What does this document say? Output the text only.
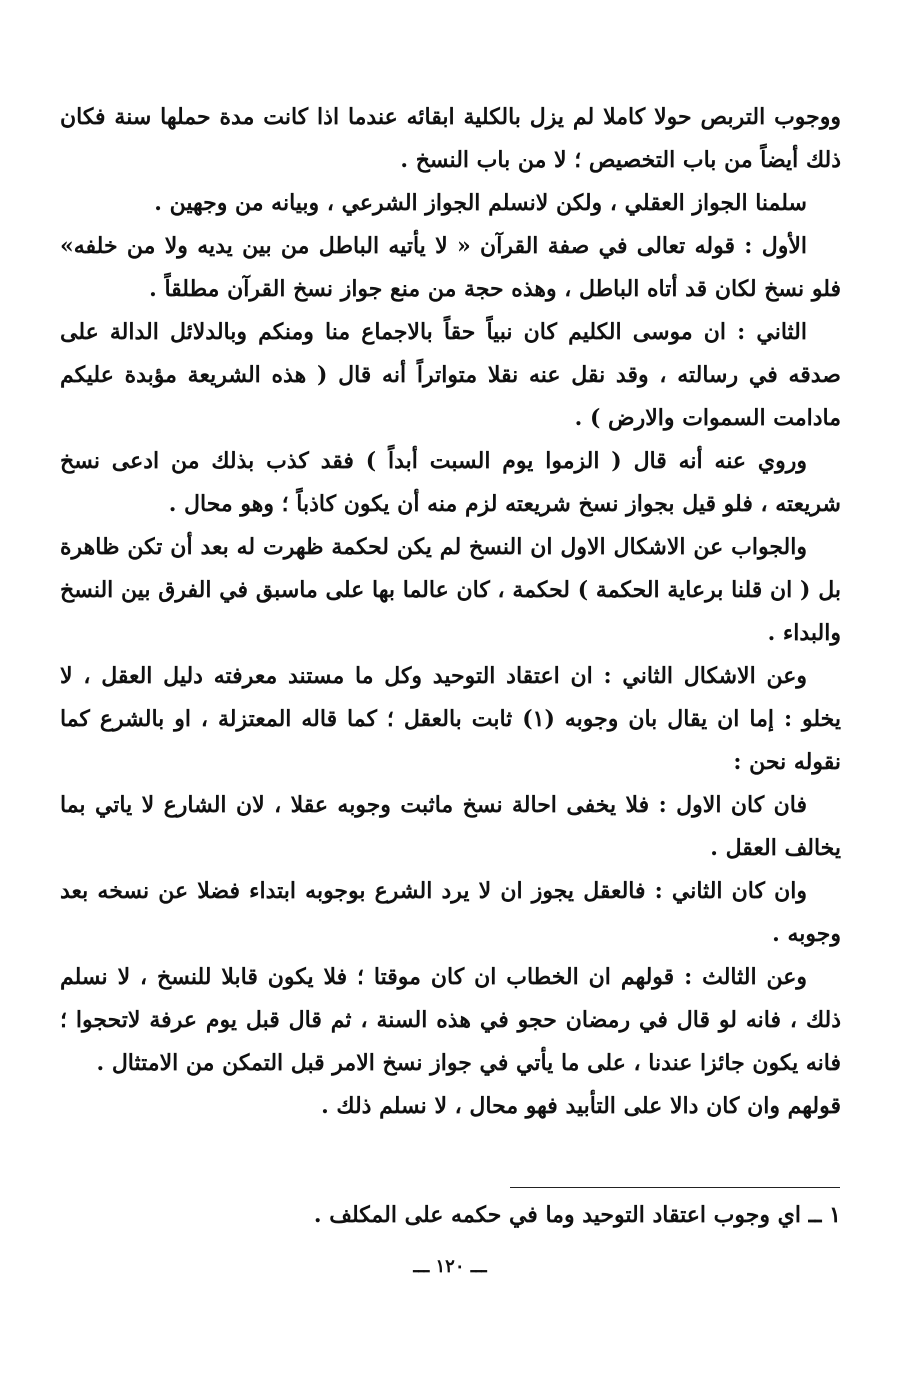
ووجوب التربص حولا كاملا لم يزل بالكلية ابقائه عندما اذا كانت مدة حملها سنة فكان ذلك أيضاً من باب التخصيص ؛ لا من باب النسخ .

سلمنا الجواز العقلي ، ولكن لانسلم الجواز الشرعي ، وبيانه من وجهين .

الأول : قوله تعالى في صفة القرآن « لا يأتيه الباطل من بين يديه ولا من خلفه» فلو نسخ لكان قد أتاه الباطل ، وهذه حجة من منع جواز نسخ القرآن مطلقاً .

الثاني : ان موسى الكليم كان نبياً حقاً بالاجماع منا ومنكم وبالدلائل الدالة على صدقه في رسالته ، وقد نقل عنه نقلا متواتراً أنه قال ( هذه الشريعة مؤبدة عليكم مادامت السموات والارض ) .

وروي عنه أنه قال ( الزموا يوم السبت أبداً ) فقد كذب بذلك من ادعى نسخ شريعته ، فلو قيل بجواز نسخ شريعته لزم منه أن يكون كاذباً ؛ وهو محال .

والجواب عن الاشكال الاول ان النسخ لم يكن لحكمة ظهرت له بعد أن تكن ظاهرة بل ( ان قلنا برعاية الحكمة ) لحكمة ، كان عالما بها على ماسبق في الفرق بين النسخ والبداء .

وعن الاشكال الثاني : ان اعتقاد التوحيد وكل ما مستند معرفته دليل العقل ، لا يخلو : إما ان يقال بان وجوبه (١) ثابت بالعقل ؛ كما قاله المعتزلة ، او بالشرع كما نقوله نحن :

فان كان الاول : فلا يخفى احالة نسخ ماثبت وجوبه عقلا ، لان الشارع لا ياتي بما يخالف العقل .

وان كان الثاني : فالعقل يجوز ان لا يرد الشرع بوجوبه ابتداء فضلا عن نسخه بعد وجوبه .

وعن الثالث : قولهم ان الخطاب ان كان موقتا ؛ فلا يكون قابلا للنسخ ، لا نسلم ذلك ، فانه لو قال في رمضان حجو في هذه السنة ، ثم قال قبل يوم عرفة لاتحجوا ؛ فانه يكون جائزا عندنا ، على ما يأتي في جواز نسخ الامر قبل التمكن من الامتثال .

قولهم وان كان دالا على التأبيد فهو محال ، لا نسلم ذلك .

١ ــ اي وجوب اعتقاد التوحيد وما في حكمه على المكلف .
ـــ ١٢٠ ـــ
